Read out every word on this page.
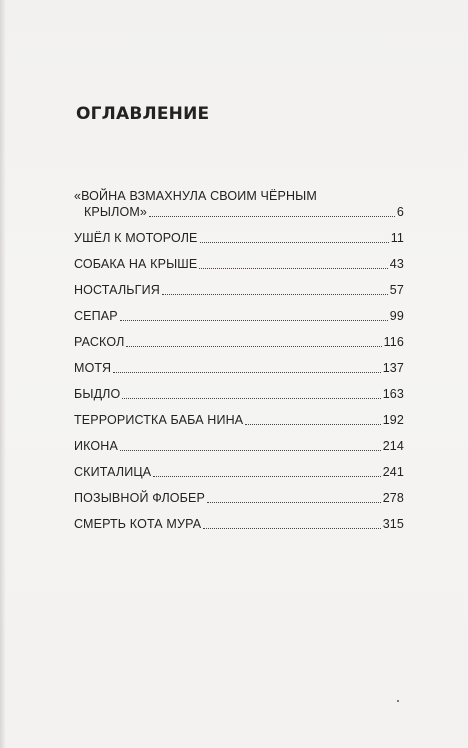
ОГЛАВЛЕНИЕ
«ВОЙНА ВЗМАХНУЛА СВОИМ ЧЁРНЫМ
КРЫЛОМ»	6
УШЁЛ К МОТОРОЛЕ	11
СОБАКА НА КРЫШЕ	43
НОСТАЛЬГИЯ	57
СЕПАР	99
РАСКОЛ	116
МОТЯ	137
БЫДЛО	163
ТЕРРОРИСТКА БАБА НИНА	192
ИКОНА	214
СКИТАЛИЦА	241
ПОЗЫВНОЙ ФЛОБЕР	278
СМЕРТЬ КОТА МУРА	315
